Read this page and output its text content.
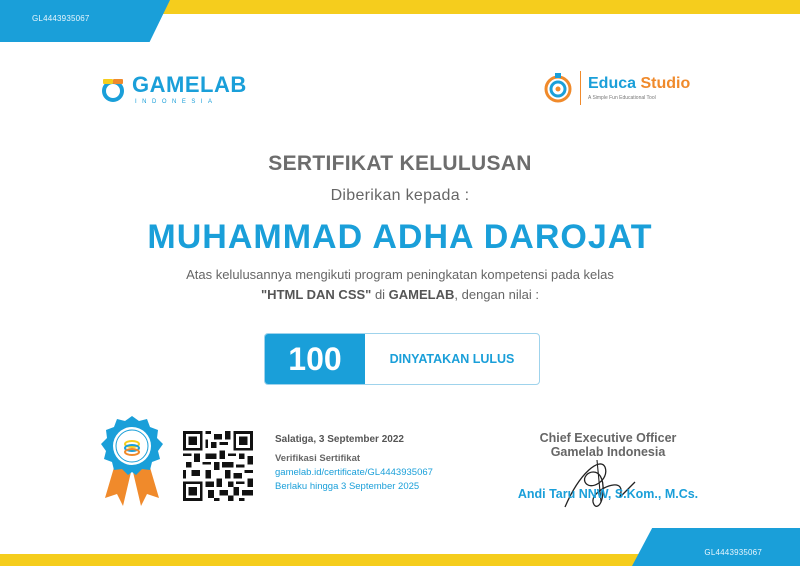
GL4443935067
GL4443935067
GAMELAB
INDONESIA
Educa Studio
A Simple Fun Educational Tool
SERTIFIKAT KELULUSAN
Diberikan kepada :
MUHAMMAD ADHA DAROJAT
Atas kelulusannya mengikuti program peningkatan kompetensi pada kelas
"HTML DAN CSS" di GAMELAB, dengan nilai :
100	DINYATAKAN LULUS
Salatiga, 3 September 2022
Verifikasi Sertifikat
gamelab.id/certificate/GL4443935067
Berlaku hingga 3 September 2025
Chief Executive Officer
Gamelab Indonesia
Andi Taru NNW, S.Kom., M.Cs.
